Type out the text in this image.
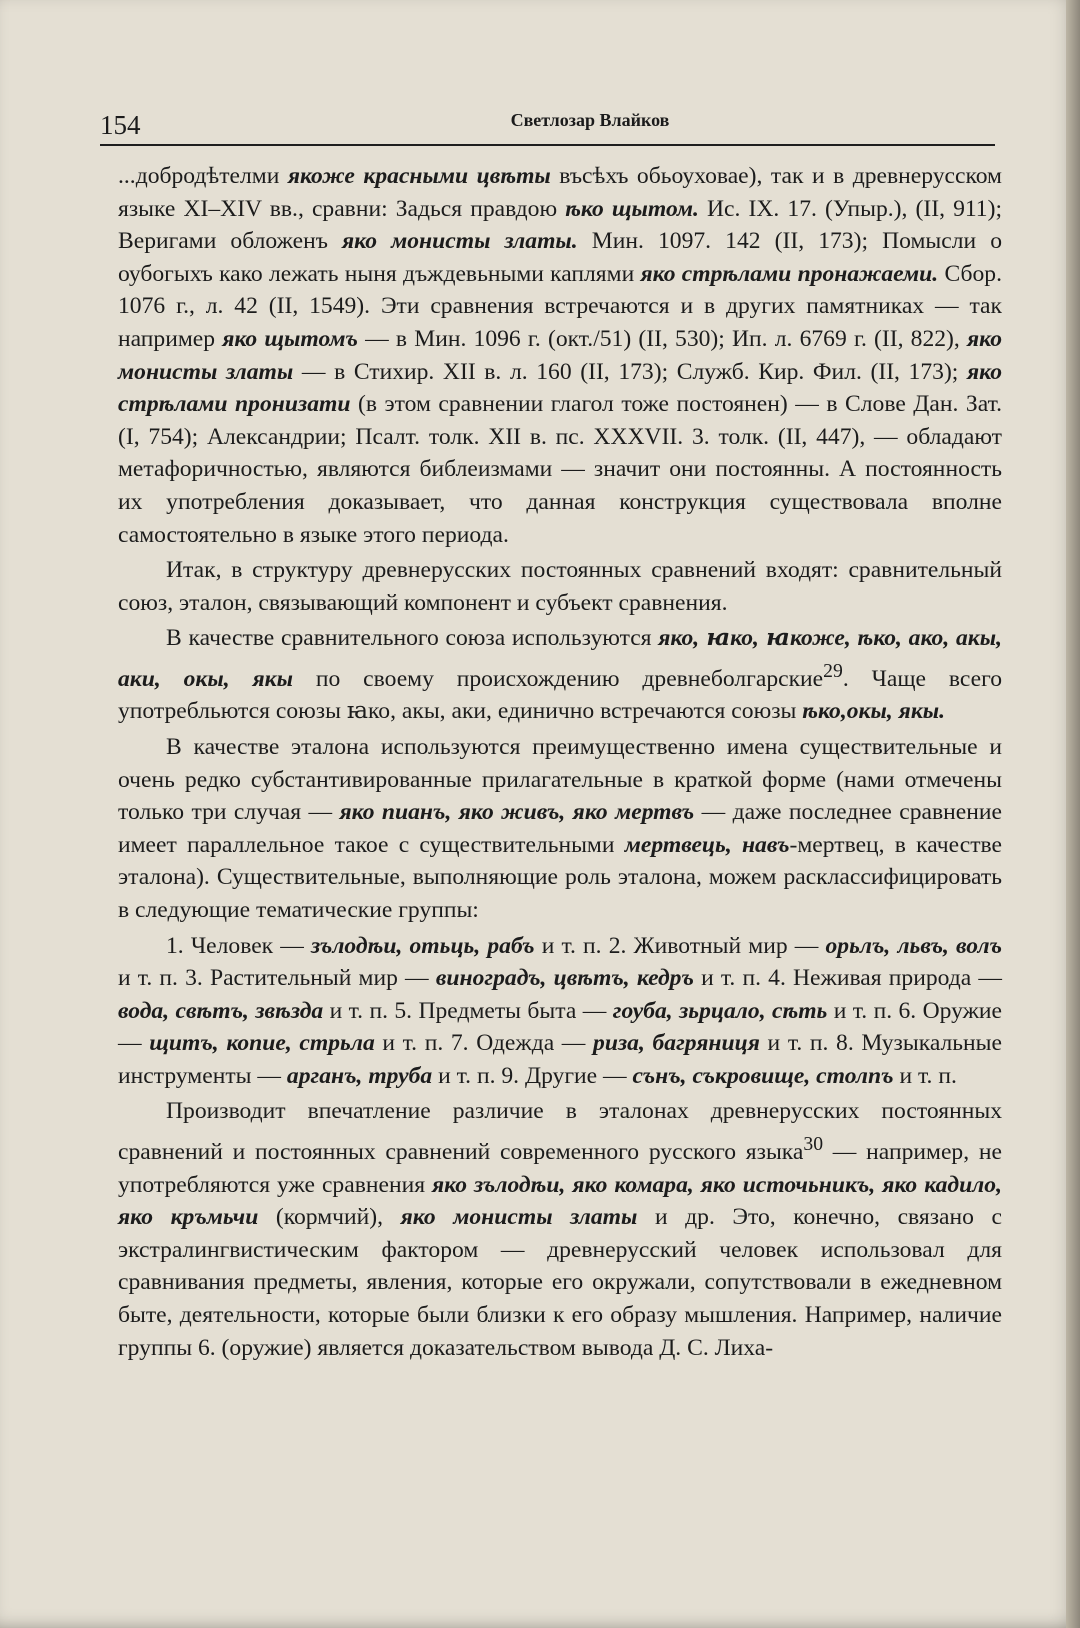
154	Светлозар Влайков

...добродѣтелми якоже красными цвѣты въсѣхъ обьоуховае), так и в древнерусском языке XI–XIV вв., сравни: Задься правдою ѣко щытом. Ис. IX. 17. (Упыр.), (II, 911); Веригами обложенъ яко монисты златы. Мин. 1097. 142 (II, 173); Помысли о оубогыхъ како лежать ныня дъждевьными каплями яко стрѣлами пронажаеми. Сбор. 1076 г., л. 42 (II, 1549). Эти сравнения встречаются и в других памятниках — так например яко щытомъ — в Мин. 1096 г. (окт./51) (II, 530); Ип. л. 6769 г. (II, 822), яко монисты златы — в Стихир. XII в. л. 160 (II, 173); Служб. Кир. Фил. (II, 173); яко стрѣлами пронизати (в этом сравнении глагол тоже постоянен) — в Слове Дан. Зат. (I, 754); Александрии; Псалт. толк. XII в. пс. XXXVII. 3. толк. (II, 447), — обладают метафоричностью, являются библеизмами — значит они постоянны. А постоянность их употребления доказывает, что данная конструкция существовала вполне самостоятельно в языке этого периода.

Итак, в структуру древнерусских постоянных сравнений входят: сравнительный союз, эталон, связывающий компонент и субъект сравнения.

В качестве сравнительного союза используются яко, ꙗко, ꙗкоже, ѣко, ако, акы, аки, окы, якы по своему происхождению древнеболгарские$^{29}$. Чаще всего употребльются союзы ꙗко, акы, аки, единично встречаются союзы ѣко,окы, якы.

В качестве эталона используются преимущественно имена существительные и очень редко субстантивированные прилагательные в краткой форме (нами отмечены только три случая — яко пианъ, яко живъ, яко мертвъ — даже последнее сравнение имеет параллельное такое с существительными мертвець, навъ-мертвец, в качестве эталона). Существительные, выполняющие роль эталона, можем расклассифицировать в следующие тематические группы:

1. Человек — зълодѣи, отьць, рабъ и т. п. 2. Животный мир — орьлъ, львъ, волъ и т. п. 3. Растительный мир — виноградъ, цвѣтъ, кедръ и т. п. 4. Неживая природа — вода, свѣтъ, звѣзда и т. п. 5. Предметы быта — гоуба, зьрцало, сѣть и т. п. 6. Оружие — щитъ, копие, стрьла и т. п. 7. Одежда — риза, багряниця и т. п. 8. Музыкальные инструменты — арганъ, труба и т. п. 9. Другие — сънъ, съкровище, столпъ и т. п.

Производит впечатление различие в эталонах древнерусских постоянных сравнений и постоянных сравнений современного русского языка$^{30}$ — например, не употребляются уже сравнения яко зълодѣи, яко комара, яко источьникъ, яко кадило, яко кръмьчи (кормчий), яко монисты златы и др. Это, конечно, связано с экстралингвистическим фактором — древнерусский человек использовал для сравнивания предметы, явления, которые его окружали, сопутствовали в ежедневном быте, деятельности, которые были близки к его образу мышления. Например, наличие группы 6. (оружие) является доказательством вывода Д. С. Лиха-
